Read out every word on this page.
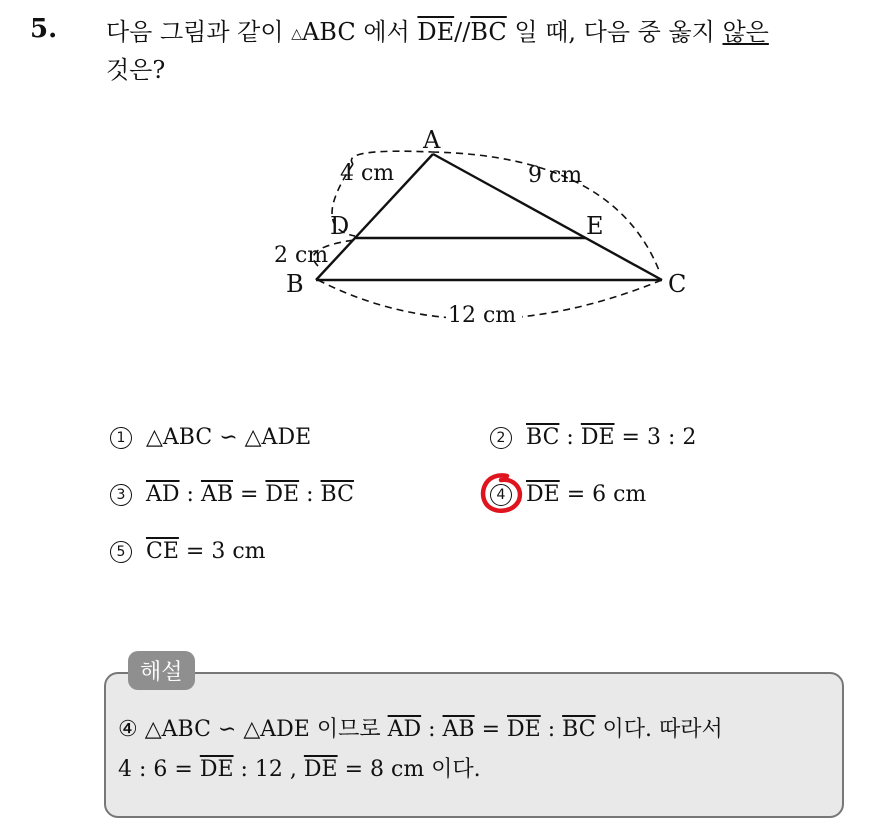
5. 다음 그림과 같이 △ABC 에서 $\overline{DE}//\overline{BC}$ 일 때, 다음 중 옳지 않은
것은?
A
B	C
D	E
4 cm	9 cm
2 cm
12 cm
1 △ABC ∽ △ADE	2 $\overline{BC}$ : $\overline{DE} = 3$ : 2
3 $\overline{AD}$ : $\overline{AB} = \overline{DE}$ : $\overline{BC}$	4 $\overline{DE} = 6$ cm
5 $\overline{CE} = 3$ cm
해설
④ △ABC ∽ △ADE 이므로 $\overline{AD}$ : $\overline{AB} = \overline{DE}$ : $\overline{BC}$ 이다. 따라서
4 : $6 = \overline{DE}$ : 12 , $\overline{DE} = 8$ cm 이다.
